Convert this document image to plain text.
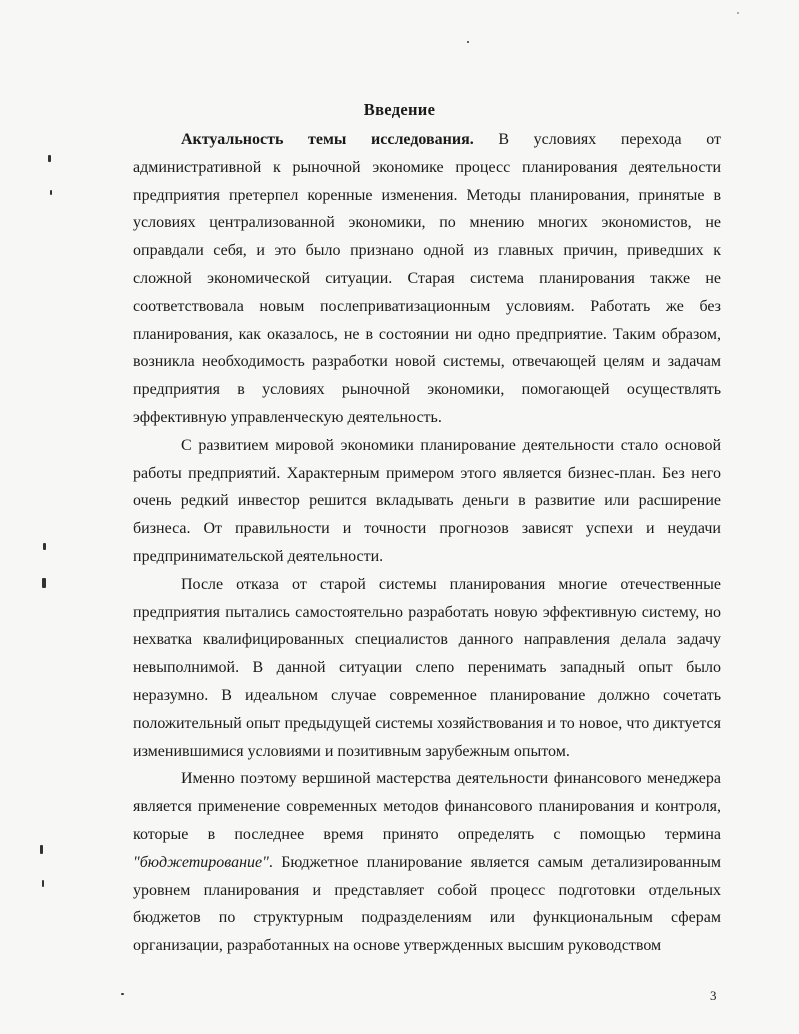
Введение

Актуальность темы исследования. В условиях перехода от административной к рыночной экономике процесс планирования деятельности предприятия претерпел коренные изменения. Методы планирования, принятые в условиях централизованной экономики, по мнению многих экономистов, не оправдали себя, и это было признано одной из главных причин, приведших к сложной экономической ситуации. Старая система планирования также не соответствовала новым послеприватизационным условиям. Работать же без планирования, как оказалось, не в состоянии ни одно предприятие. Таким образом, возникла необходимость разработки новой системы, отвечающей целям и задачам предприятия в условиях рыночной экономики, помогающей осуществлять эффективную управленческую деятельность.

С развитием мировой экономики планирование деятельности стало основой работы предприятий. Характерным примером этого является бизнес-план. Без него очень редкий инвестор решится вкладывать деньги в развитие или расширение бизнеса. От правильности и точности прогнозов зависят успехи и неудачи предпринимательской деятельности.

После отказа от старой системы планирования многие отечественные предприятия пытались самостоятельно разработать новую эффективную систему, но нехватка квалифицированных специалистов данного направления делала задачу невыполнимой. В данной ситуации слепо перенимать западный опыт было неразумно. В идеальном случае современное планирование должно сочетать положительный опыт предыдущей системы хозяйствования и то новое, что диктуется изменившимися условиями и позитивным зарубежным опытом.

Именно поэтому вершиной мастерства деятельности финансового менеджера является применение современных методов финансового планирования и контроля, которые в последнее время принято определять с помощью термина "бюджетирование". Бюджетное планирование является самым детализированным уровнем планирования и представляет собой процесс подготовки отдельных бюджетов по структурным подразделениям или функциональным сферам организации, разработанных на основе утвержденных высшим руководством

3
